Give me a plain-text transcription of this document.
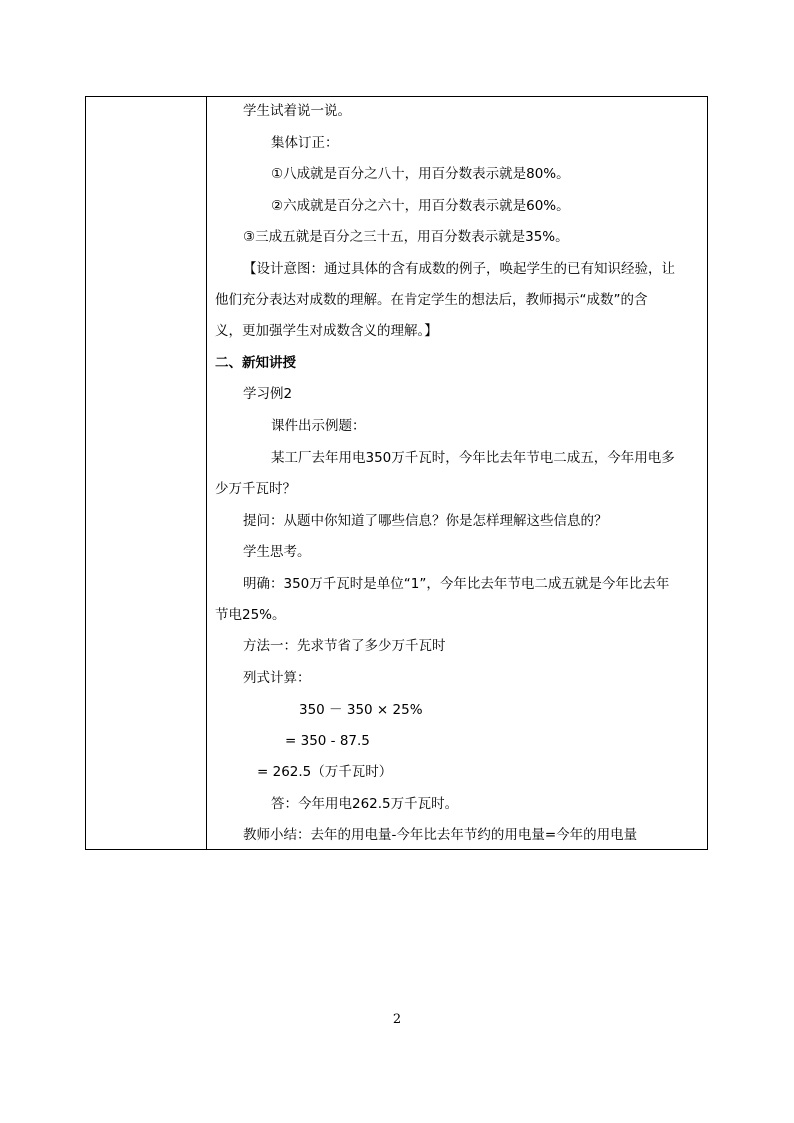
学生试着说一说。
集体订正：
①八成就是百分之八十，用百分数表示就是80%。
②六成就是百分之六十，用百分数表示就是60%。
③三成五就是百分之三十五，用百分数表示就是35%。
【设计意图：通过具体的含有成数的例子，唤起学生的已有知识经验，让
他们充分表达对成数的理解。在肯定学生的想法后，教师揭示“成数”的含
义，更加强学生对成数含义的理解。】
二、新知讲授
学习例2
课件出示例题：
某工厂去年用电350万千瓦时，今年比去年节电二成五，今年用电多
少万千瓦时？
提问：从题中你知道了哪些信息？你是怎样理解这些信息的？
学生思考。
明确：350万千瓦时是单位“1”，今年比去年节电二成五就是今年比去年
节电25%。
方法一：先求节省了多少万千瓦时
列式计算：
350 － 350 × 25%
= 350 - 87.5
= 262.5（万千瓦时）
答：今年用电262.5万千瓦时。
教师小结：去年的用电量-今年比去年节约的用电量=今年的用电量
2
